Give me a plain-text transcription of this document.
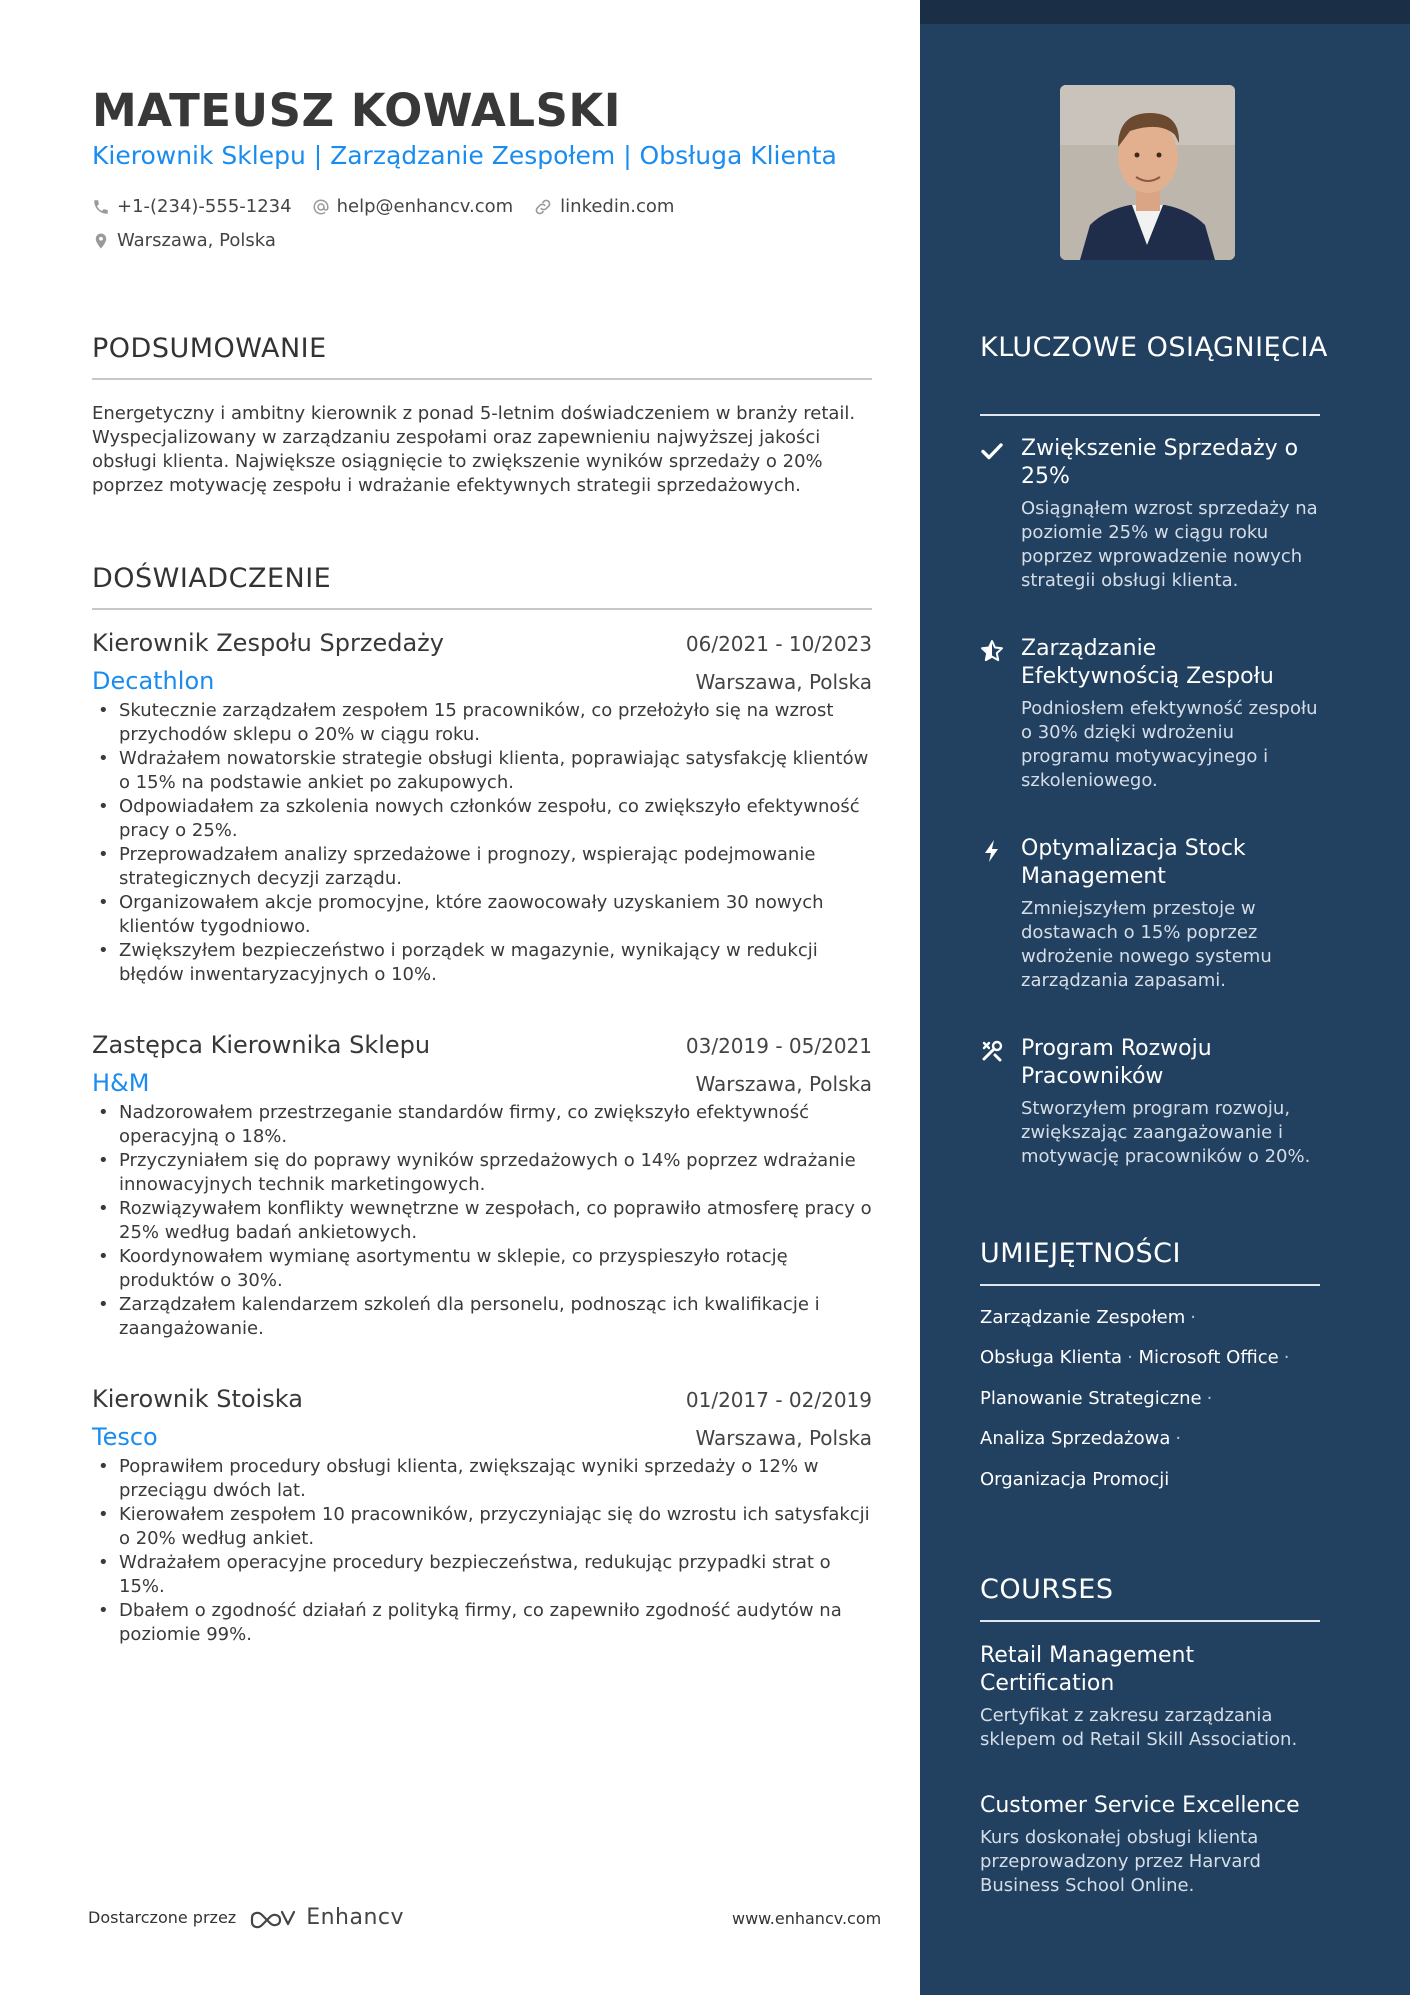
MATEUSZ KOWALSKI
Kierownik Sklepu | Zarządzanie Zespołem | Obsługa Klienta
+1-(234)-555-1234	help@enhancv.com	linkedin.com
Warszawa, Polska
PODSUMOWANIE
Energetyczny i ambitny kierownik z ponad 5-letnim doświadczeniem w branży retail. Wyspecjalizowany w zarządzaniu zespołami oraz zapewnieniu najwyższej jakości obsługi klienta. Największe osiągnięcie to zwiększenie wyników sprzedaży o 20% poprzez motywację zespołu i wdrażanie efektywnych strategii sprzedażowych.
DOŚWIADCZENIE
Kierownik Zespołu Sprzedaży	06/2021 - 10/2023
Decathlon	Warszawa, Polska
• Skutecznie zarządzałem zespołem 15 pracowników, co przełożyło się na wzrost przychodów sklepu o 20% w ciągu roku.
• Wdrażałem nowatorskie strategie obsługi klienta, poprawiając satysfakcję klientów o 15% na podstawie ankiet po zakupowych.
• Odpowiadałem za szkolenia nowych członków zespołu, co zwiększyło efektywność pracy o 25%.
• Przeprowadzałem analizy sprzedażowe i prognozy, wspierając podejmowanie strategicznych decyzji zarządu.
• Organizowałem akcje promocyjne, które zaowocowały uzyskaniem 30 nowych klientów tygodniowo.
• Zwiększyłem bezpieczeństwo i porządek w magazynie, wynikający w redukcji błędów inwentaryzacyjnych o 10%.
Zastępca Kierownika Sklepu	03/2019 - 05/2021
H&M	Warszawa, Polska
• Nadzorowałem przestrzeganie standardów firmy, co zwiększyło efektywność operacyjną o 18%.
• Przyczyniałem się do poprawy wyników sprzedażowych o 14% poprzez wdrażanie innowacyjnych technik marketingowych.
• Rozwiązywałem konflikty wewnętrzne w zespołach, co poprawiło atmosferę pracy o 25% według badań ankietowych.
• Koordynowałem wymianę asortymentu w sklepie, co przyspieszyło rotację produktów o 30%.
• Zarządzałem kalendarzem szkoleń dla personelu, podnosząc ich kwalifikacje i zaangażowanie.
Kierownik Stoiska	01/2017 - 02/2019
Tesco	Warszawa, Polska
• Poprawiłem procedury obsługi klienta, zwiększając wyniki sprzedaży o 12% w przeciągu dwóch lat.
• Kierowałem zespołem 10 pracowników, przyczyniając się do wzrostu ich satysfakcji o 20% według ankiet.
• Wdrażałem operacyjne procedury bezpieczeństwa, redukując przypadki strat o 15%.
• Dbałem o zgodność działań z polityką firmy, co zapewniło zgodność audytów na poziomie 99%.
Dostarczone przez	Enhancv	www.enhancv.com
KLUCZOWE OSIĄGNIĘCIA
Zwiększenie Sprzedaży o 25%
Osiągnąłem wzrost sprzedaży na poziomie 25% w ciągu roku poprzez wprowadzenie nowych strategii obsługi klienta.
Zarządzanie Efektywnością Zespołu
Podniosłem efektywność zespołu o 30% dzięki wdrożeniu programu motywacyjnego i szkoleniowego.
Optymalizacja Stock Management
Zmniejszyłem przestoje w dostawach o 15% poprzez wdrożenie nowego systemu zarządzania zapasami.
Program Rozwoju Pracowników
Stworzyłem program rozwoju, zwiększając zaangażowanie i motywację pracowników o 20%.
UMIEJĘTNOŚCI
Zarządzanie Zespołem ·
Obsługa Klienta · Microsoft Office ·
Planowanie Strategiczne ·
Analiza Sprzedażowa ·
Organizacja Promocji
COURSES
Retail Management Certification
Certyfikat z zakresu zarządzania sklepem od Retail Skill Association.
Customer Service Excellence
Kurs doskonałej obsługi klienta przeprowadzony przez Harvard Business School Online.
